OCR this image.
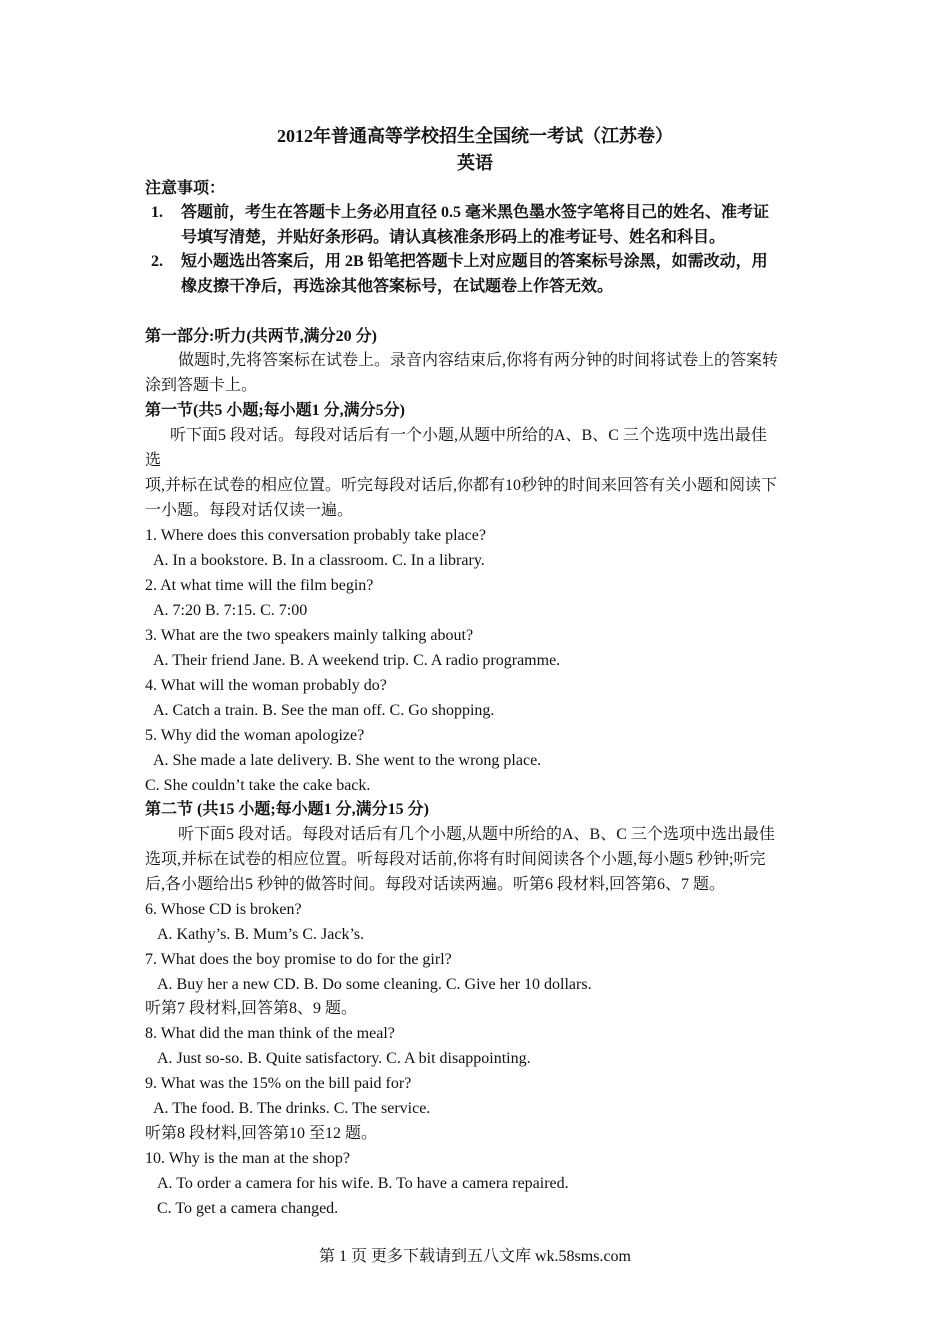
2012年普通高等学校招生全国统一考试（江苏卷）
英语
注意事项：
1. 答题前，考生在答题卡上务必用直径 0.5 毫米黑色墨水签字笔将目己的姓名、准考证
号填写清楚，并贴好条形码。请认真核准条形码上的准考证号、姓名和科目。
2. 短小题选出答案后，用 2B 铅笔把答题卡上对应题目的答案标号涂黑，如需改动，用
橡皮擦干净后，再选涂其他答案标号，在试题卷上作答无效。
第一部分:听力(共两节,满分20 分)
做题时,先将答案标在试卷上。录音内容结束后,你将有两分钟的时间将试卷上的答案转
涂到答题卡上。
第一节(共5 小题;每小题1 分,满分5分)
听下面5 段对话。每段对话后有一个小题,从题中所给的A、B、C 三个选项中选出最佳
选
项,并标在试卷的相应位置。听完每段对话后,你都有10秒钟的时间来回答有关小题和阅读下
一小题。每段对话仅读一遍。
1. Where does this conversation probably take place?
A. In a bookstore. B. In a classroom. C. In a library.
2. At what time will the film begin?
A. 7:20 B. 7:15. C. 7:00
3. What are the two speakers mainly talking about?
A. Their friend Jane. B. A weekend trip. C. A radio programme.
4. What will the woman probably do?
A. Catch a train. B. See the man off. C. Go shopping.
5. Why did the woman apologize?
A. She made a late delivery. B. She went to the wrong place.
C. She couldn’t take the cake back.
第二节 (共15 小题;每小题1 分,满分15 分)
听下面5 段对话。每段对话后有几个小题,从题中所给的A、B、C 三个选项中选出最佳
选项,并标在试卷的相应位置。听每段对话前,你将有时间阅读各个小题,每小题5 秒钟;听完
后,各小题给出5 秒钟的做答时间。每段对话读两遍。听第6 段材料,回答第6、7 题。
6. Whose CD is broken?
A. Kathy’s. B. Mum’s C. Jack’s.
7. What does the boy promise to do for the girl?
A. Buy her a new CD. B. Do some cleaning. C. Give her 10 dollars.
听第7 段材料,回答第8、9 题。
8. What did the man think of the meal?
A. Just so-so. B. Quite satisfactory. C. A bit disappointing.
9. What was the 15% on the bill paid for?
A. The food. B. The drinks. C. The service.
听第8 段材料,回答第10 至12 题。
10. Why is the man at the shop?
A. To order a camera for his wife. B. To have a camera repaired.
C. To get a camera changed.
第 1 页 更多下载请到五八文库 wk.58sms.com
